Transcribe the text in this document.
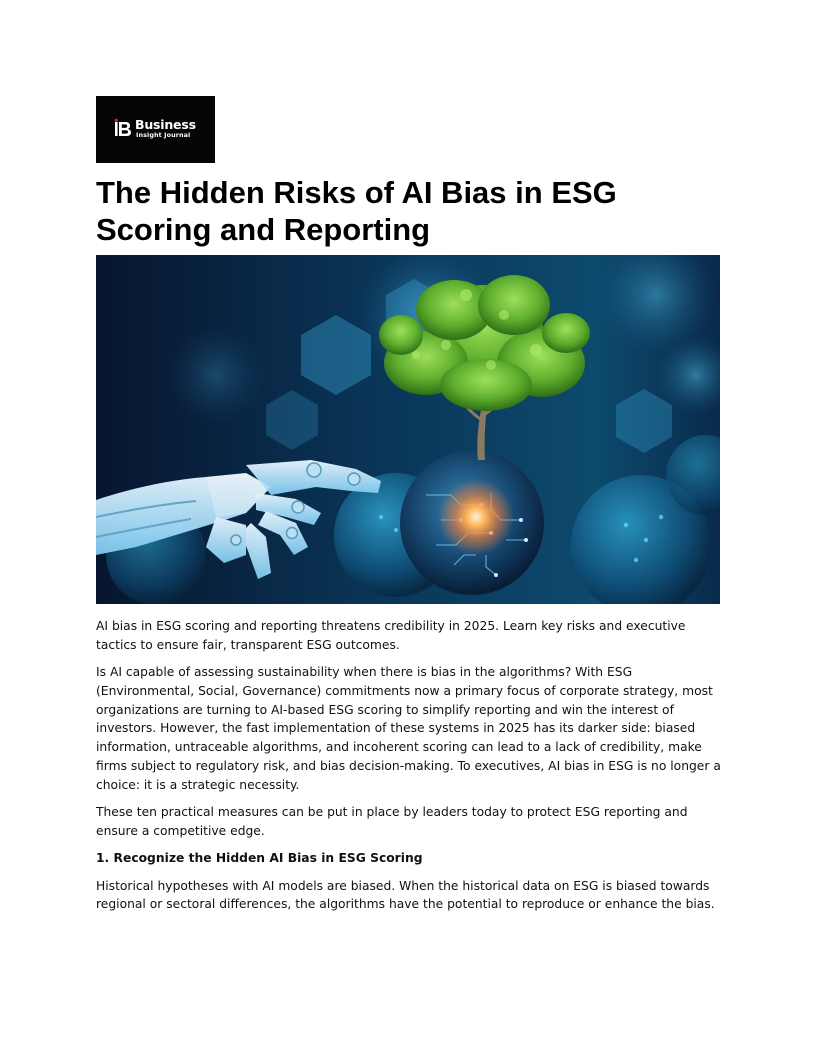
Business
Insight Journal
The Hidden Risks of AI Bias in ESG Scoring and Reporting

AI bias in ESG scoring and reporting threatens credibility in 2025. Learn key risks and executive tactics to ensure fair, transparent ESG outcomes.

Is AI capable of assessing sustainability when there is bias in the algorithms? With ESG (Environmental, Social, Governance) commitments now a primary focus of corporate strategy, most organizations are turning to AI-based ESG scoring to simplify reporting and win the interest of investors. However, the fast implementation of these systems in 2025 has its darker side: biased information, untraceable algorithms, and incoherent scoring can lead to a lack of credibility, make firms subject to regulatory risk, and bias decision-making. To executives, AI bias in ESG is no longer a choice: it is a strategic necessity.

These ten practical measures can be put in place by leaders today to protect ESG reporting and ensure a competitive edge.

1. Recognize the Hidden AI Bias in ESG Scoring

Historical hypotheses with AI models are biased. When the historical data on ESG is biased towards regional or sectoral differences, the algorithms have the potential to reproduce or enhance the bias.
